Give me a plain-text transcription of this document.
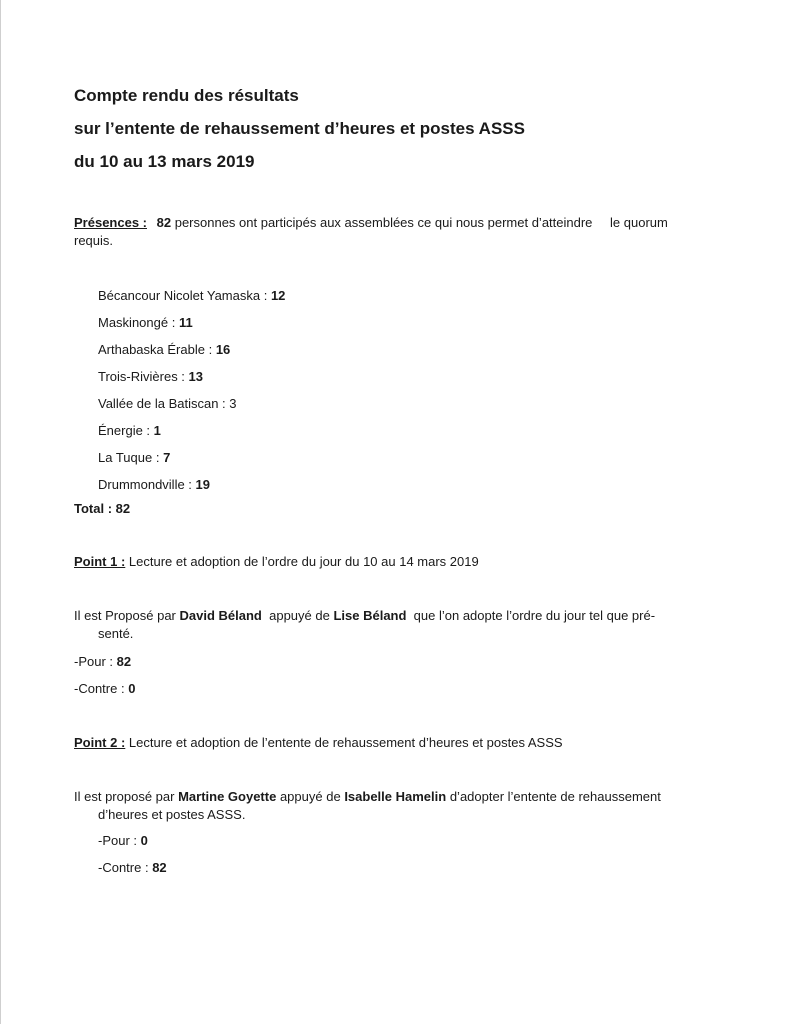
Compte rendu des résultats
sur l’entente de rehaussement d’heures et postes ASSS
du 10 au 13 mars 2019
Présences : 82 personnes ont participés aux assemblées ce qui nous permet d’atteindre le quorum
requis.
Bécancour Nicolet Yamaska : 12
Maskinongé : 11
Arthabaska Érable : 16
Trois-Rivières : 13
Vallée de la Batiscan : 3
Énergie : 1
La Tuque : 7
Drummondville : 19
Total : 82
Point 1 : Lecture et adoption de l’ordre du jour du 10 au 14 mars 2019
Il est Proposé par David Béland appuyé de Lise Béland que l’on adopte l’ordre du jour tel que pré-
senté.
-Pour : 82
-Contre : 0
Point 2 : Lecture et adoption de l’entente de rehaussement d’heures et postes ASSS
Il est proposé par Martine Goyette appuyé de Isabelle Hamelin d’adopter l’entente de rehaussement
d’heures et postes ASSS.
-Pour : 0
-Contre : 82
